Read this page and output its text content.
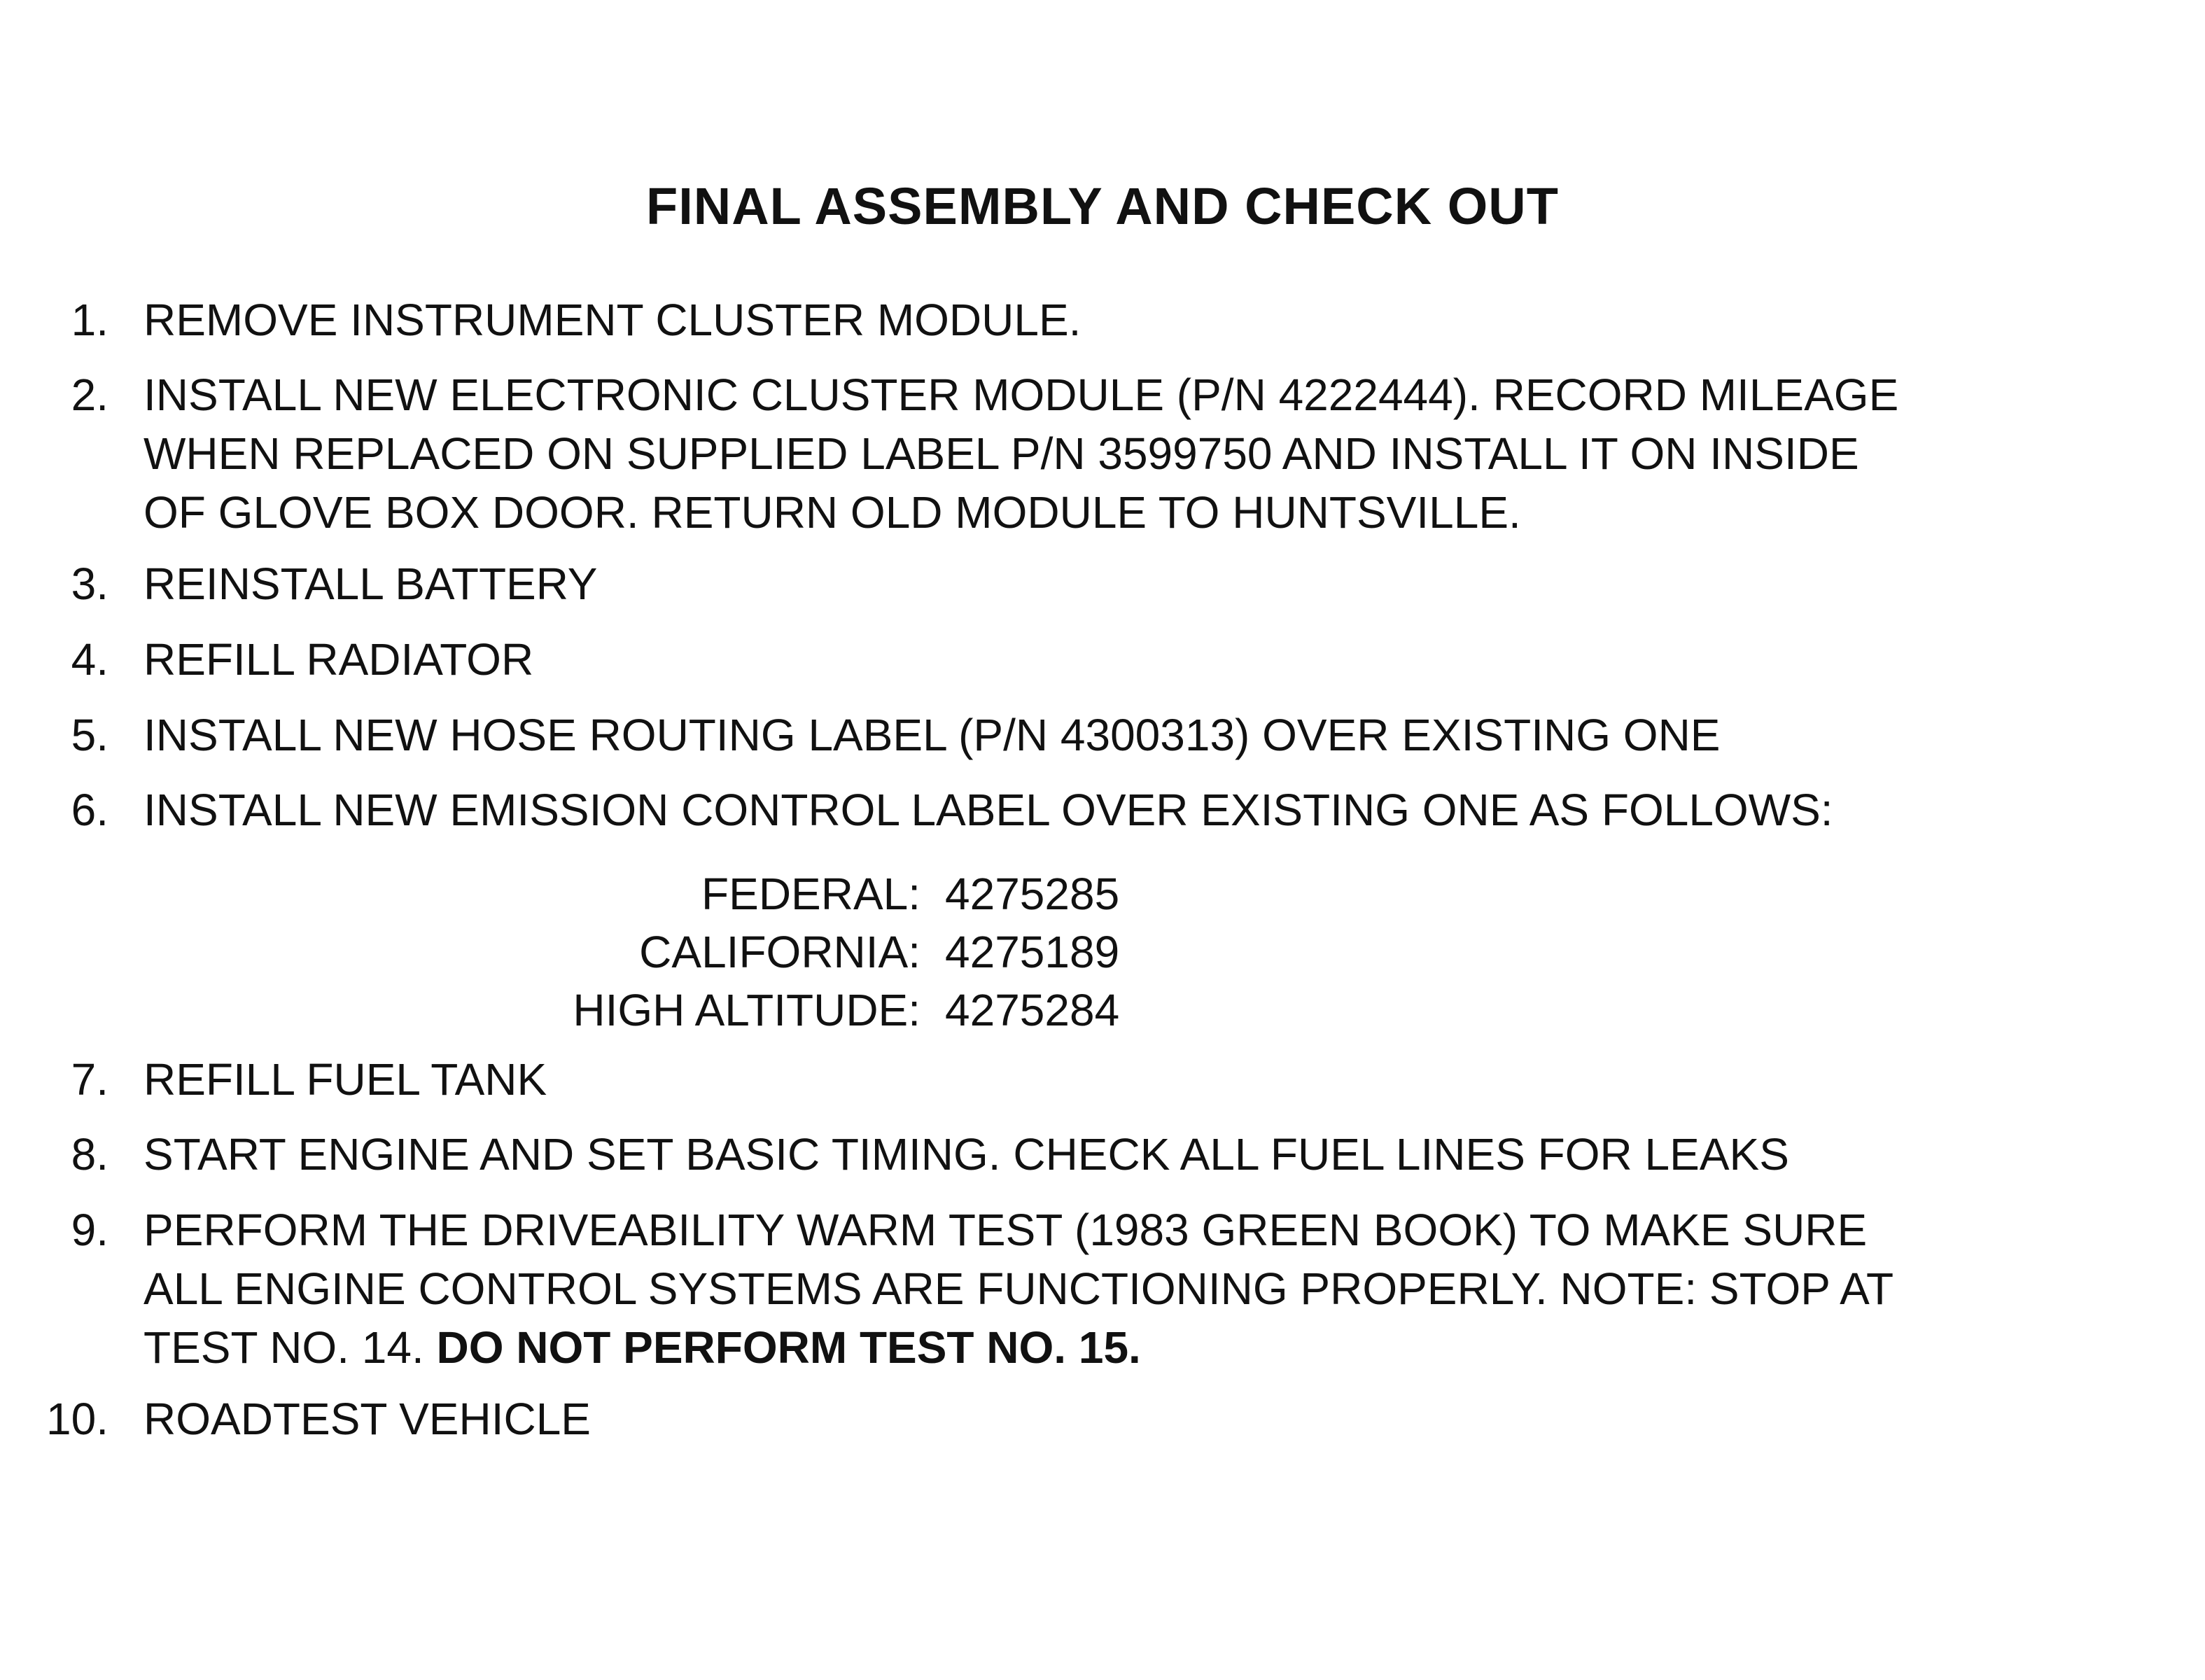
FINAL ASSEMBLY AND CHECK OUT
1. REMOVE INSTRUMENT CLUSTER MODULE.
2. INSTALL NEW ELECTRONIC CLUSTER MODULE (P/N 4222444). RECORD MILEAGE
WHEN REPLACED ON SUPPLIED LABEL P/N 3599750 AND INSTALL IT ON INSIDE
OF GLOVE BOX DOOR. RETURN OLD MODULE TO HUNTSVILLE.
3. REINSTALL BATTERY
4. REFILL RADIATOR
5. INSTALL NEW HOSE ROUTING LABEL (P/N 4300313) OVER EXISTING ONE
6. INSTALL NEW EMISSION CONTROL LABEL OVER EXISTING ONE AS FOLLOWS:
FEDERAL: 4275285
CALIFORNIA: 4275189
HIGH ALTITUDE: 4275284
7. REFILL FUEL TANK
8. START ENGINE AND SET BASIC TIMING. CHECK ALL FUEL LINES FOR LEAKS
9. PERFORM THE DRIVEABILITY WARM TEST (1983 GREEN BOOK) TO MAKE SURE
ALL ENGINE CONTROL SYSTEMS ARE FUNCTIONING PROPERLY. NOTE: STOP AT
TEST NO. 14. DO NOT PERFORM TEST NO. 15.
10. ROADTEST VEHICLE
